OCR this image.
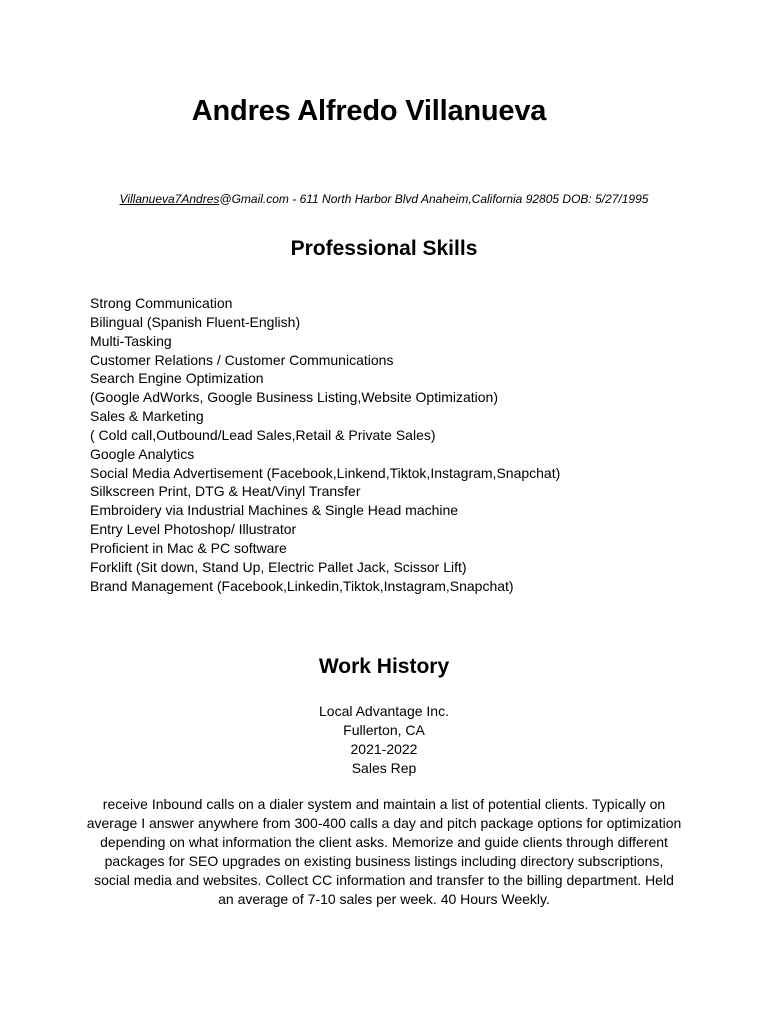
Andres Alfredo Villanueva
Villanueva7Andres@Gmail.com - 611 North Harbor Blvd Anaheim,California 92805 DOB: 5/27/1995
Professional Skills
Strong Communication
Bilingual (Spanish Fluent-English)
Multi-Tasking
Customer Relations / Customer Communications
Search Engine Optimization
(Google AdWorks, Google Business Listing,Website Optimization)
Sales & Marketing
( Cold call,Outbound/Lead Sales,Retail & Private Sales)
Google Analytics
Social Media Advertisement (Facebook,Linkend,Tiktok,Instagram,Snapchat)
Silkscreen Print, DTG & Heat/Vinyl Transfer
Embroidery via Industrial Machines & Single Head machine
Entry Level Photoshop/ Illustrator
Proficient in Mac & PC software
Forklift (Sit down, Stand Up, Electric Pallet Jack, Scissor Lift)
Brand Management (Facebook,Linkedin,Tiktok,Instagram,Snapchat)
Work History
Local Advantage Inc.
Fullerton, CA
2021-2022
Sales Rep
receive Inbound calls on a dialer system and maintain a list of potential clients. Typically on
average I answer anywhere from 300-400 calls a day and pitch package options for optimization
depending on what information the client asks. Memorize and guide clients through different
packages for SEO upgrades on existing business listings including directory subscriptions,
social media and websites. Collect CC information and transfer to the billing department. Held
an average of 7-10 sales per week. 40 Hours Weekly.
